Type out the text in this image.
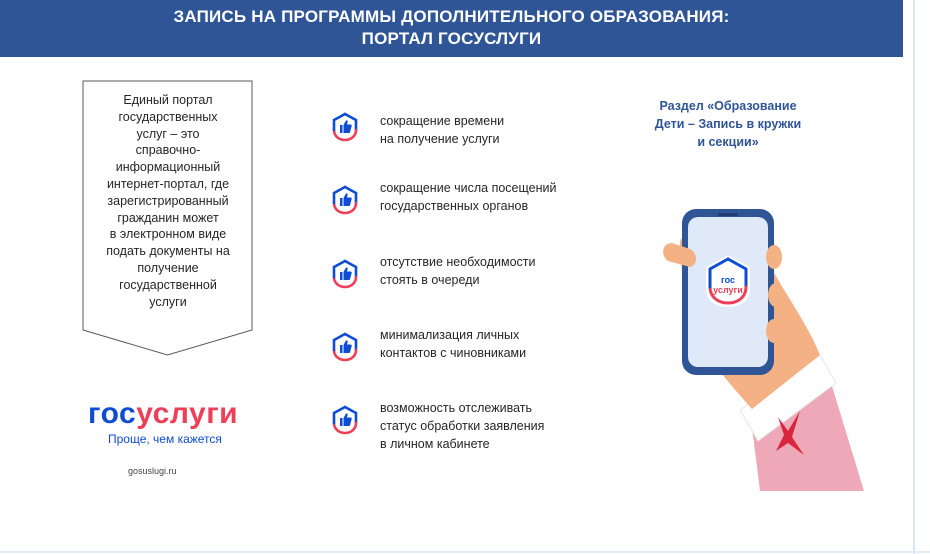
ЗАПИСЬ НА ПРОГРАММЫ ДОПОЛНИТЕЛЬНОГО ОБРАЗОВАНИЯ:
ПОРТАЛ ГОСУСЛУГИ
Единый портал
государственных
услуг – это
справочно-
информационный
интернет-портал, где
зарегистрированный
гражданин может
в электронном виде
подать документы на
получение
государственной
услуги
госуслуги
Проще, чем кажется
gosuslugi.ru
сокращение времени
на получение услуги
сокращение числа посещений
государственных органов
отсутствие необходимости
стоять в очереди
минимализация личных
контактов с чиновниками
возможность отслеживать
статус обработки заявления
в личном кабинете
Раздел «Образование
Дети – Запись в кружки
и секции»
гос
услуги
